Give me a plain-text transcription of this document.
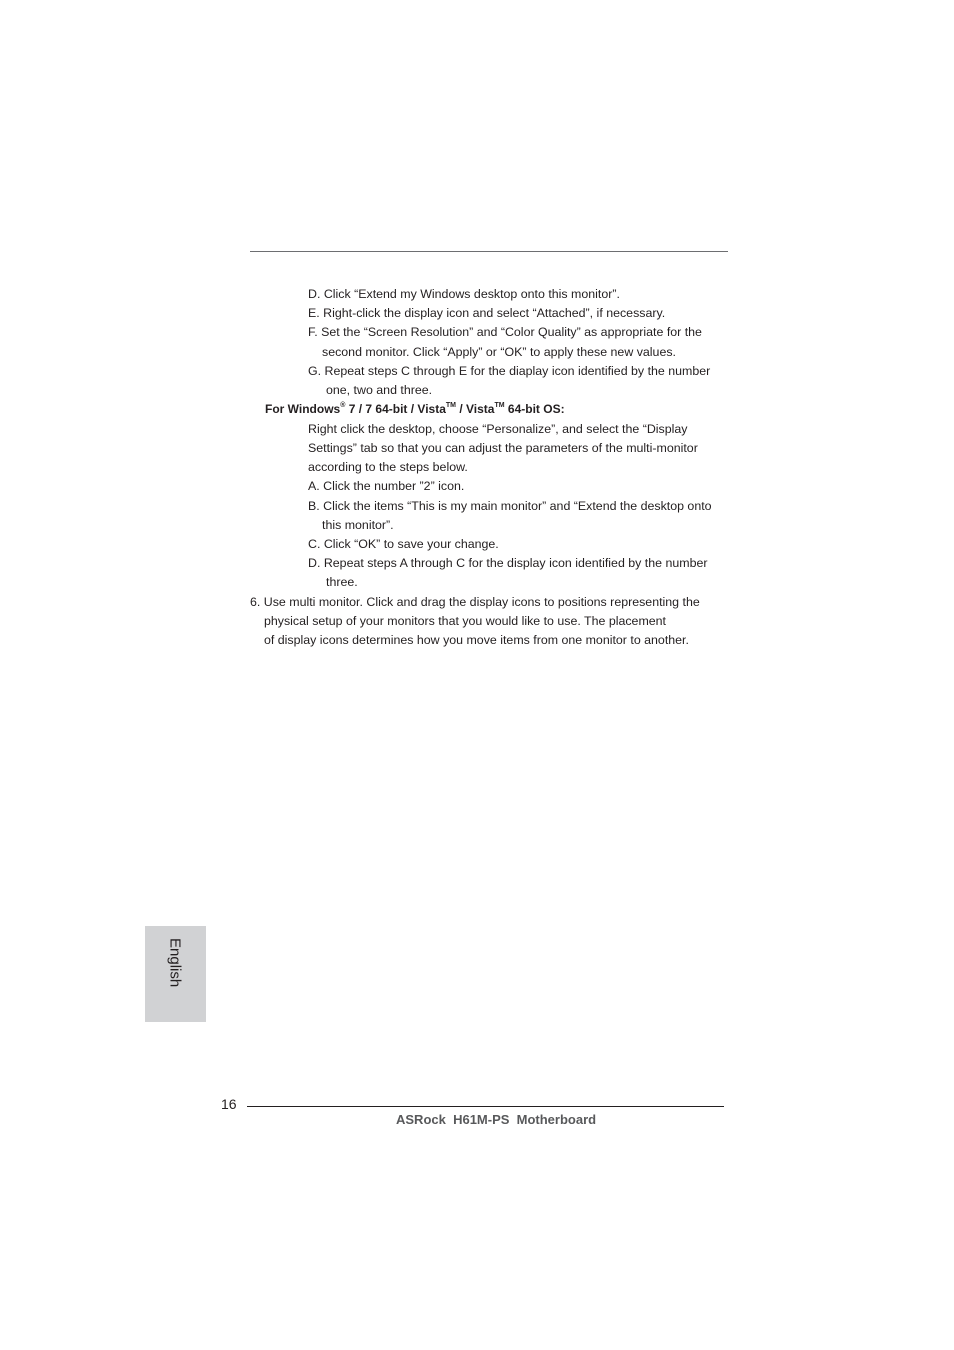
D. Click “Extend my Windows desktop onto this monitor”.
E. Right-click the display icon and select “Attached”, if necessary.
F. Set the “Screen Resolution” and “Color Quality” as appropriate for the
second monitor. Click “Apply” or “OK” to apply these new values.
G. Repeat steps C through E for the diaplay icon identified by the number
one, two and three.
For Windows® 7 / 7 64-bit / Vista™ / Vista™ 64-bit OS:
Right click the desktop, choose “Personalize”, and select the “Display
Settings” tab so that you can adjust the parameters of the multi-monitor
according to the steps below.
A. Click the number ”2” icon.
B. Click the items “This is my main monitor” and “Extend the desktop onto
this monitor”.
C. Click “OK” to save your change.
D. Repeat steps A through C for the display icon identified by the number
three.
6. Use multi monitor. Click and drag the display icons to positions representing the
physical setup of your monitors that you would like to use. The placement
of display icons determines how you move items from one monitor to another.
English
16
ASRock  H61M-PS  Motherboard
